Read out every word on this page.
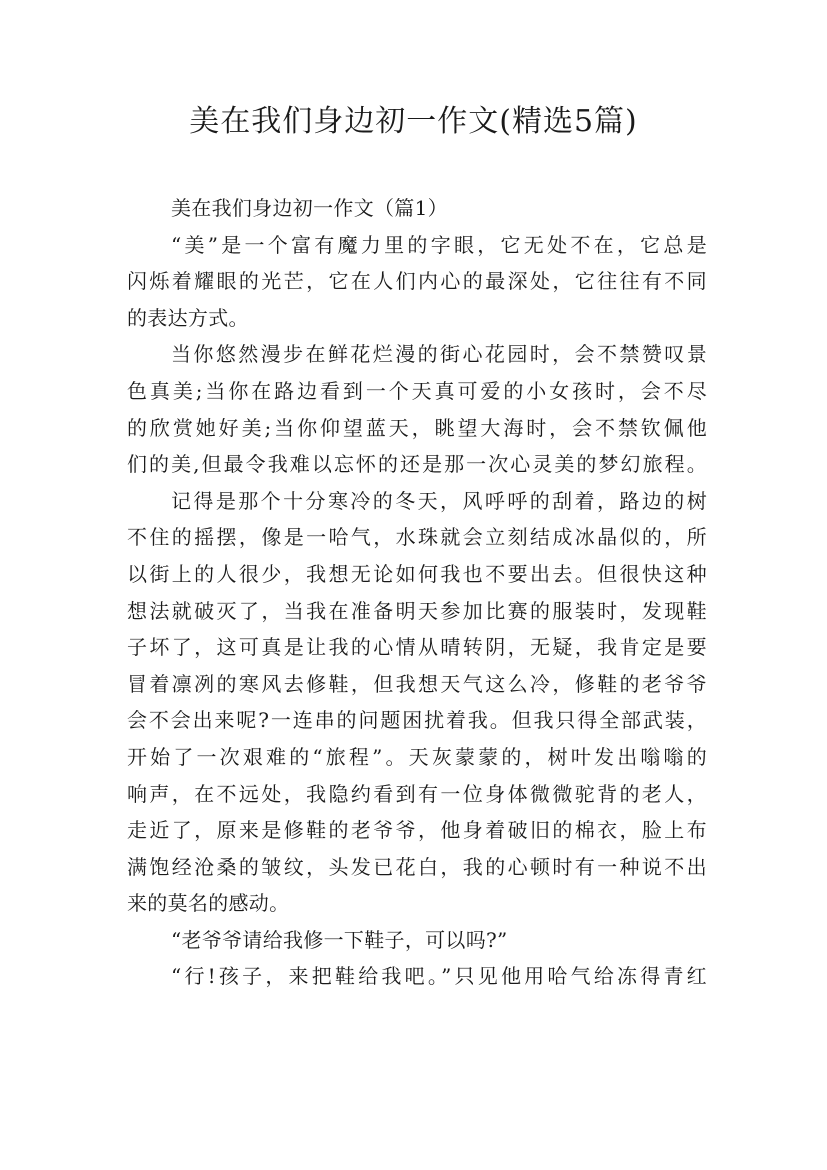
美在我们身边初一作文(精选5篇)
美在我们身边初一作文（篇1）
“美”是一个富有魔力里的字眼，它无处不在，它总是
闪烁着耀眼的光芒，它在人们内心的最深处，它往往有不同
的表达方式。
当你悠然漫步在鲜花烂漫的街心花园时，会不禁赞叹景
色真美;当你在路边看到一个天真可爱的小女孩时，会不尽
的欣赏她好美;当你仰望蓝天，眺望大海时，会不禁钦佩他
们的美,但最令我难以忘怀的还是那一次心灵美的梦幻旅程。
记得是那个十分寒冷的冬天，风呼呼的刮着，路边的树
不住的摇摆，像是一哈气，水珠就会立刻结成冰晶似的，所
以街上的人很少，我想无论如何我也不要出去。但很快这种
想法就破灭了，当我在准备明天参加比赛的服装时，发现鞋
子坏了，这可真是让我的心情从晴转阴，无疑，我肯定是要
冒着凛冽的寒风去修鞋，但我想天气这么冷，修鞋的老爷爷
会不会出来呢?一连串的问题困扰着我。但我只得全部武装，
开始了一次艰难的“旅程”。天灰蒙蒙的，树叶发出嗡嗡的
响声，在不远处，我隐约看到有一位身体微微驼背的老人，
走近了，原来是修鞋的老爷爷，他身着破旧的棉衣，脸上布
满饱经沧桑的皱纹，头发已花白，我的心顿时有一种说不出
来的莫名的感动。
“老爷爷请给我修一下鞋子，可以吗?”
“行!孩子，来把鞋给我吧。”只见他用哈气给冻得青红
